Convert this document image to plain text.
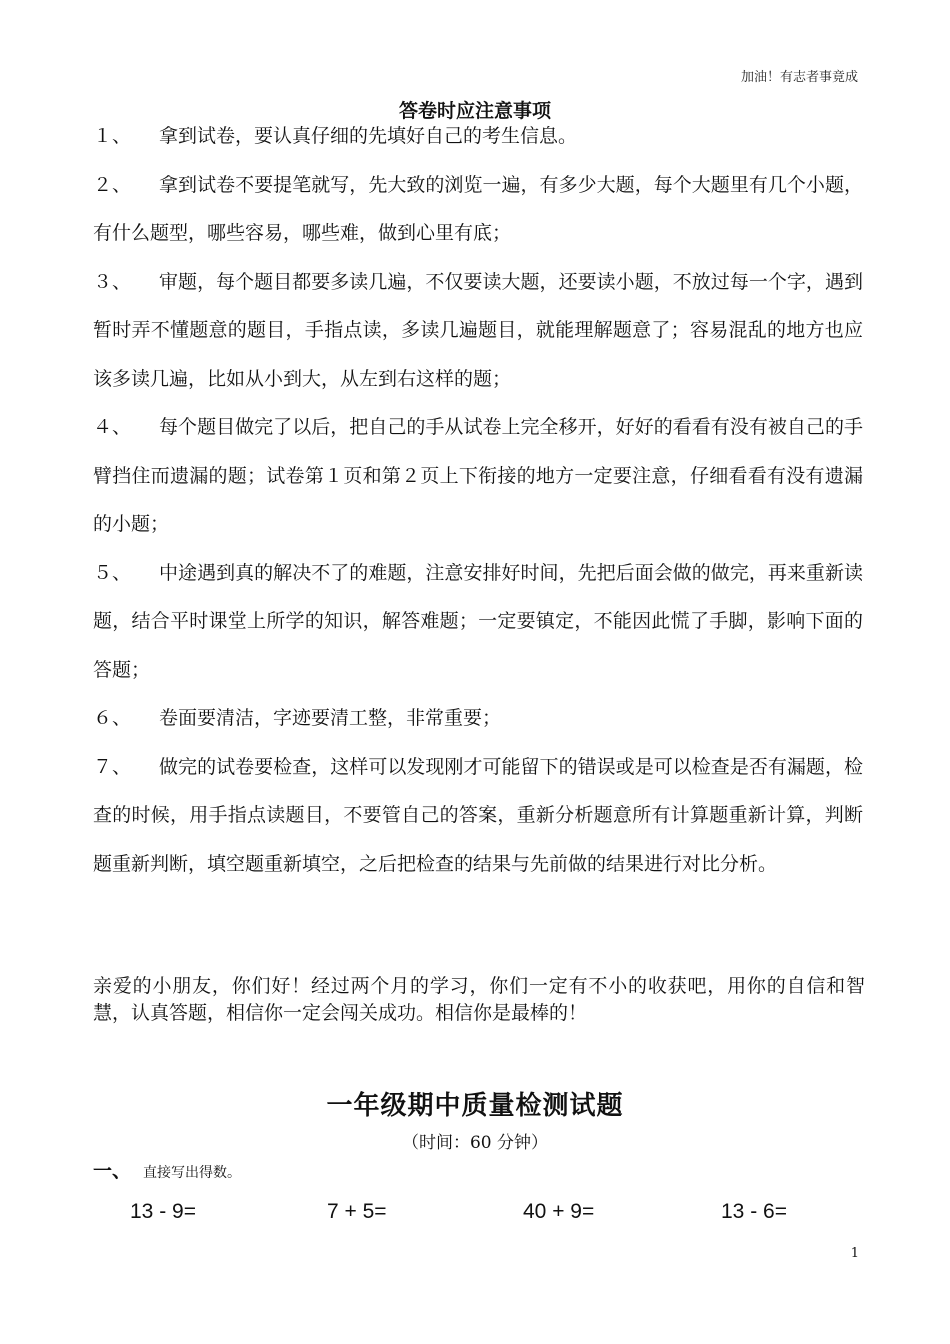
加油！有志者事竟成
答卷时应注意事项
１、 拿到试卷，要认真仔细的先填好自己的考生信息。
２、 拿到试卷不要提笔就写，先大致的浏览一遍，有多少大题，每个大题里有几个小题，有什么题型，哪些容易，哪些难，做到心里有底；
３、 审题，每个题目都要多读几遍，不仅要读大题，还要读小题，不放过每一个字，遇到暂时弄不懂题意的题目，手指点读，多读几遍题目，就能理解题意了；容易混乱的地方也应该多读几遍，比如从小到大，从左到右这样的题；
４、 每个题目做完了以后，把自己的手从试卷上完全移开，好好的看看有没有被自己的手臂挡住而遗漏的题；试卷第１页和第２页上下衔接的地方一定要注意，仔细看看有没有遗漏的小题；
５、 中途遇到真的解决不了的难题，注意安排好时间，先把后面会做的做完，再来重新读题，结合平时课堂上所学的知识，解答难题；一定要镇定，不能因此慌了手脚，影响下面的答题；
６、 卷面要清洁，字迹要清工整，非常重要；
７、 做完的试卷要检查，这样可以发现刚才可能留下的错误或是可以检查是否有漏题，检查的时候，用手指点读题目，不要管自己的答案，重新分析题意所有计算题重新计算，判断题重新判断，填空题重新填空，之后把检查的结果与先前做的结果进行对比分析。
亲爱的小朋友，你们好！经过两个月的学习，你们一定有不小的收获吧，用你的自信和智慧，认真答题，相信你一定会闯关成功。相信你是最棒的！
一年级期中质量检测试题
（时间：60 分钟）
一、 直接写出得数。
13 - 9=	7 + 5=	40 + 9=	13 - 6=
1
